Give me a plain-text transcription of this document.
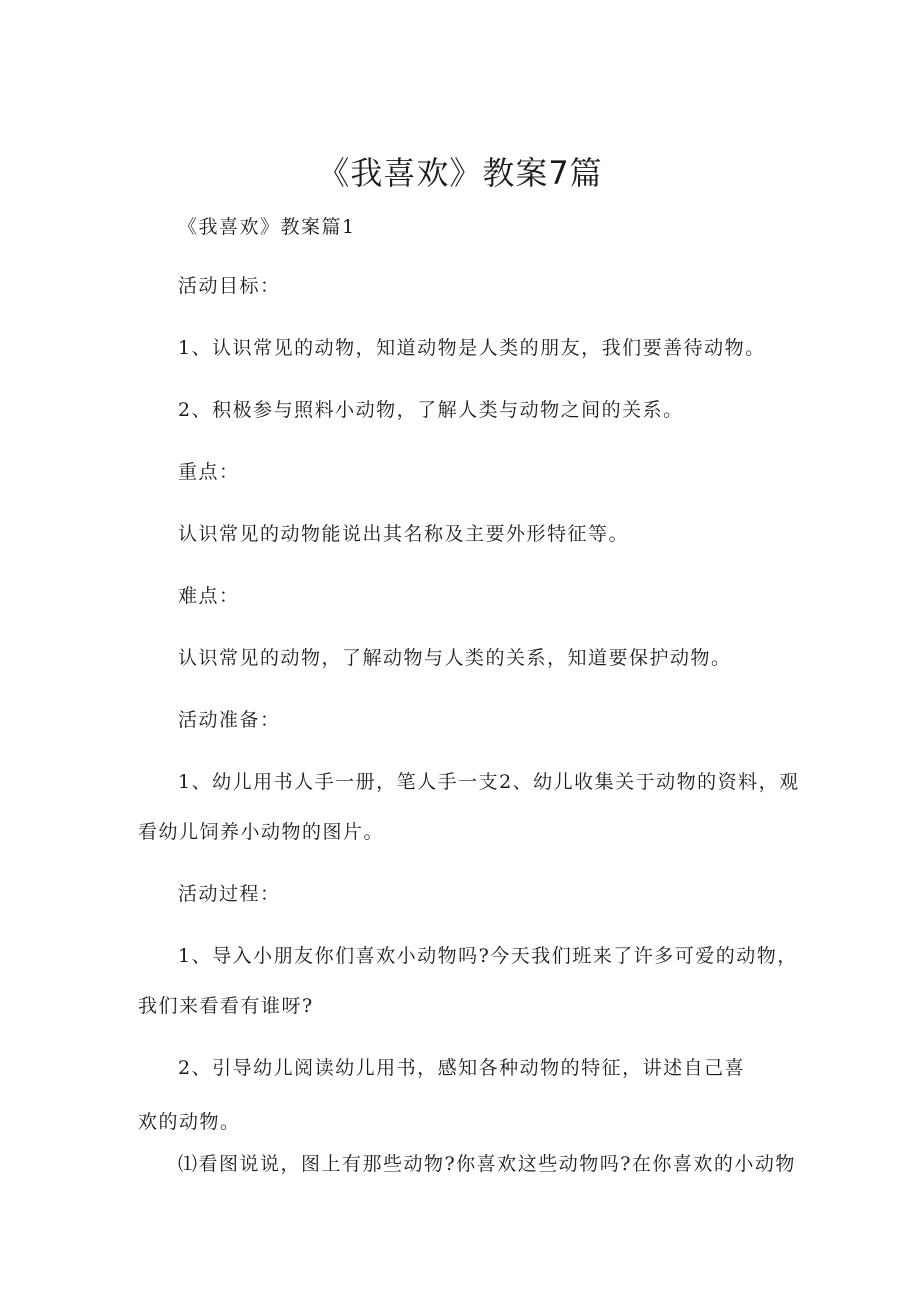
《我喜欢》教案7篇

《我喜欢》教案篇1

活动目标：

1、认识常见的动物，知道动物是人类的朋友，我们要善待动物。

2、积极参与照料小动物，了解人类与动物之间的关系。

重点：

认识常见的动物能说出其名称及主要外形特征等。

难点：

认识常见的动物，了解动物与人类的关系，知道要保护动物。

活动准备：

1、幼儿用书人手一册，笔人手一支2、幼儿收集关于动物的资料，观

看幼儿饲养小动物的图片。

活动过程：

1、导入小朋友你们喜欢小动物吗?今天我们班来了许多可爱的动物，

我们来看看有谁呀?

2、引导幼儿阅读幼儿用书，感知各种动物的特征，讲述自己喜

欢的动物。

⑴看图说说，图上有那些动物?你喜欢这些动物吗?在你喜欢的小动物
